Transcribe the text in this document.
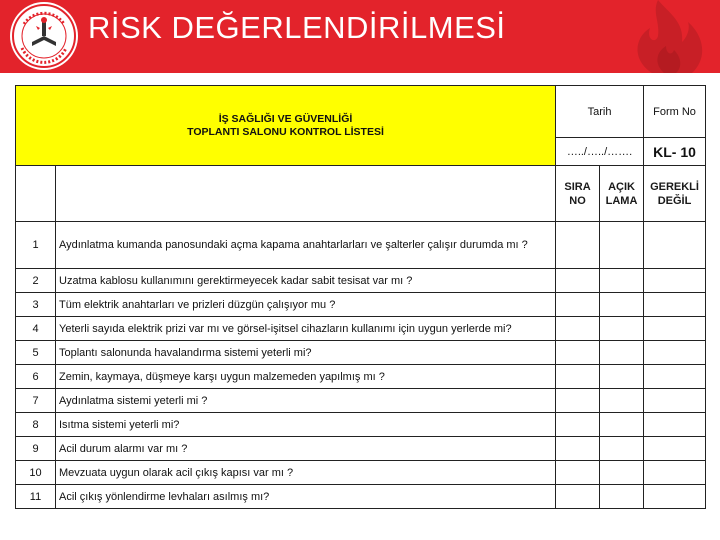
RİSK DEĞERLENDİRİLMESİ
İŞ SAĞLIĞI VE GÜVENLİĞİ
TOPLANTI SALONU KONTROL LİSTESİ		Tarih		Form No
		…../…../…….		KL- 10
		SIRA NO	AÇIK LAMA	GEREKLİ DEĞİL
1	Aydınlatma kumanda panosundaki açma kapama anahtarlarları ve şalterler çalışır durumda mı ?			
2	Uzatma kablosu kullanımını gerektirmeyecek kadar sabit tesisat var mı ?			
3	Tüm elektrik anahtarları ve prizleri düzgün çalışıyor mu ?			
4	Yeterli sayıda elektrik prizi var mı ve görsel-işitsel cihazların kullanımı için uygun yerlerde mi?			
5	Toplantı salonunda havalandırma sistemi yeterli mi?			
6	Zemin, kaymaya, düşmeye karşı uygun malzemeden yapılmış mı ?			
7	Aydınlatma sistemi yeterli mi ?			
8	Isıtma sistemi yeterli mi?			
9	Acil durum alarmı var mı ?			
10	Mevzuata uygun olarak acil çıkış kapısı var mı ?			
11	Acil çıkış yönlendirme levhaları asılmış mı?			
